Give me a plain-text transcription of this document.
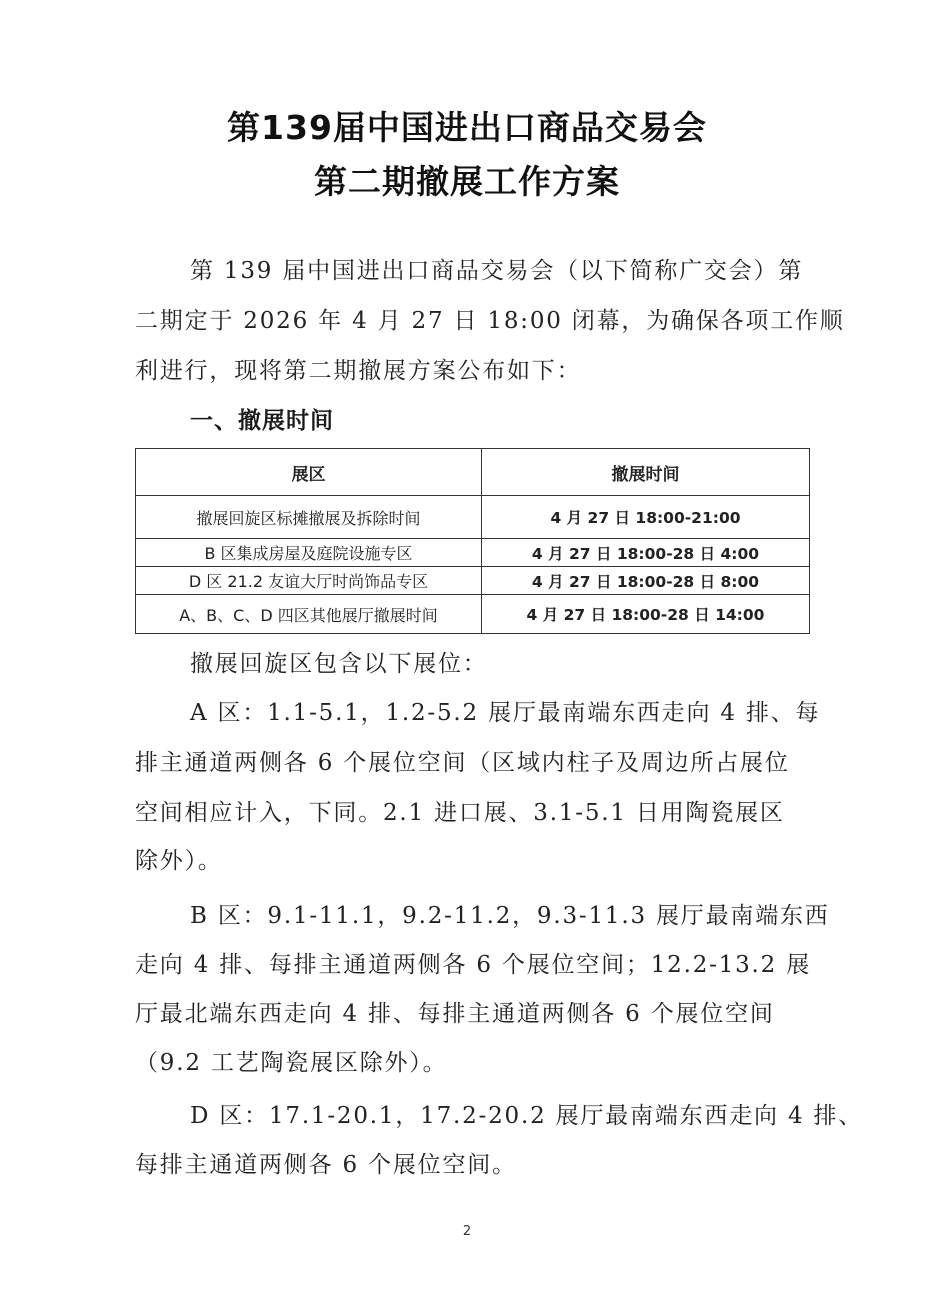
第139届中国进出口商品交易会
第二期撤展工作方案
第 139 届中国进出口商品交易会（以下简称广交会）第
二期定于 2026 年 4 月 27 日 18:00 闭幕，为确保各项工作顺
利进行，现将第二期撤展方案公布如下：
一、撤展时间
展区	撤展时间
撤展回旋区标摊撤展及拆除时间	4 月 27 日 18:00-21:00
B 区集成房屋及庭院设施专区	4 月 27 日 18:00-28 日 4:00
D 区 21.2 友谊大厅时尚饰品专区	4 月 27 日 18:00-28 日 8:00
A、B、C、D 四区其他展厅撤展时间	4 月 27 日 18:00-28 日 14:00
撤展回旋区包含以下展位：
A 区：1.1-5.1，1.2-5.2 展厅最南端东西走向 4 排、每
排主通道两侧各 6 个展位空间（区域内柱子及周边所占展位
空间相应计入，下同。2.1 进口展、3.1-5.1 日用陶瓷展区
除外）。
B 区：9.1-11.1，9.2-11.2，9.3-11.3 展厅最南端东西
走向 4 排、每排主通道两侧各 6 个展位空间；12.2-13.2 展
厅最北端东西走向 4 排、每排主通道两侧各 6 个展位空间
（9.2 工艺陶瓷展区除外）。
D 区：17.1-20.1，17.2-20.2 展厅最南端东西走向 4 排、
每排主通道两侧各 6 个展位空间。
2
